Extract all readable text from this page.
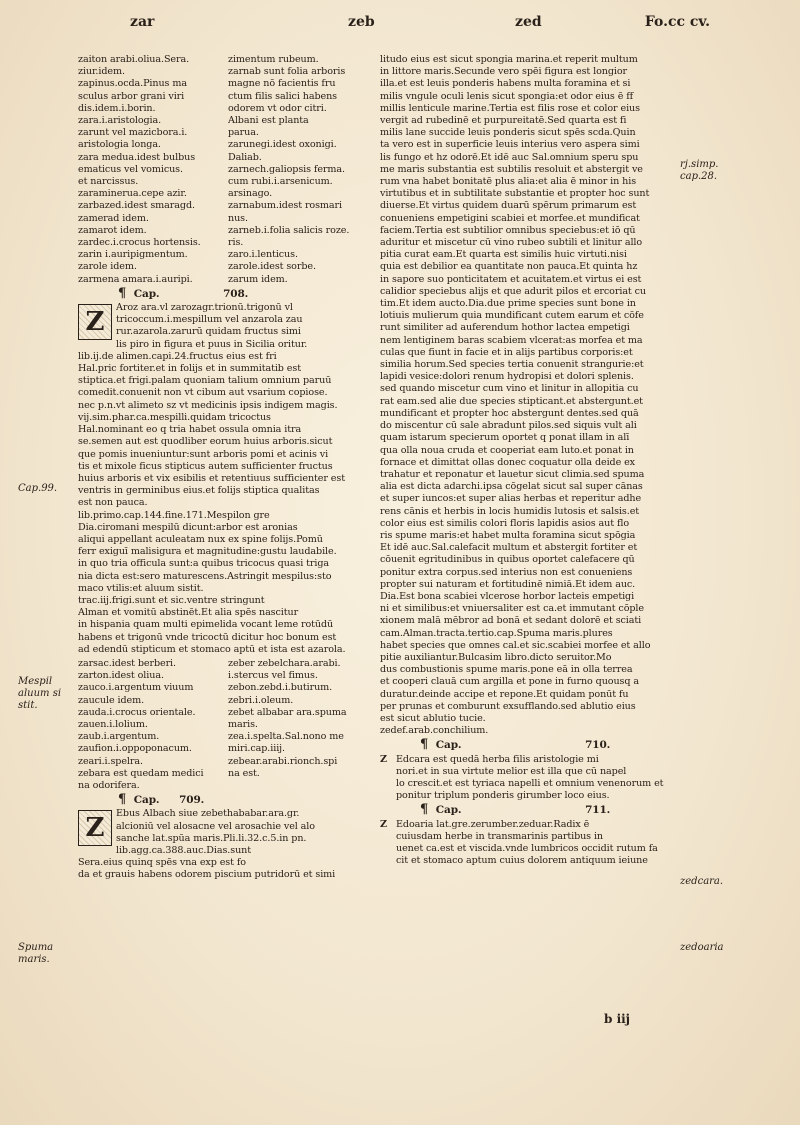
zar	zeb	zed	Fo.cc cv.
zaiton arabi.oliua.Sera.
ziur.idem.
zapinus.ocda.Pinus ma
sculus arbor grani viri
dis.idem.i.borin.
zara.i.aristologia.
zarunt vel mazicbora.i.
aristologia longa.
zara medua.idest bulbus
ematicus vel vomicus.
et narcissus.
zaraminerua.cepe azir.
zarbazed.idest smaragd.
zamerad idem.
zamarot idem.
zardec.i.crocus hortensis.
zarin i.auripigmentum.
zarole idem.
zarmena amara.i.auripi.
zimentum rubeum.
zarnab sunt folia arboris
magne nō facientis fru
ctum filis salici habens
odorem vt odor citri.
Albani est planta
parua.
zarunegi.idest oxonigi.
Daliab.
zarnech.galiopsis ferma.
cum rubi.i.arsenicum.
arsinago.
zarnabum.idest rosmari
nus.
zarneb.i.folia salicis roze.
ris.
zaro.i.lenticus.
zarole.idest sorbe.
zarum idem.
¶ Cap.	708.
Z	Aroz ara.vl zarozagr.trionū.trigonū vl
tricoccum.i.mespillum vel anzarola zau
rur.azarola.zarurū quidam fructus simi
lis piro in figura et puus in Sicilia oritur.
lib.ij.de alimen.capi.24.fructus eius est fri
Hal.pric fortiter.et in folijs et in summitatib est
stiptica.et frigi.palam quoniam talium omnium paruū
comedit.conuenit non vt cibum aut vsarium copiose.
nec p.n.vt alimeto sz vt medicinis ipsis indigem magis.
vij.sim.phar.ca.mespilli.quidam tricoctus
Hal.nominant eo q tria habet ossula omnia itra
se.semen aut est quodliber eorum huius arboris.sicut
que pomis inueniuntur:sunt arboris pomi et acinis vi
tis et mixole ficus stipticus autem sufficienter fructus
huius arboris et vix esibilis et retentiuus sufficienter est
ventris in germinibus eius.et folijs stiptica qualitas
est non pauca.
lib.primo.cap.144.fine.171.Mespilon gre
Dia.ciromani mespilū dicunt:arbor est aronias
aliqui appellant aculeatam nux ex spine folijs.Pomū
ferr exiguī malisigura et magnitudine:gustu laudabile.
in quo tria officula sunt:a quibus tricocus quasi triga
nia dicta est:sero maturescens.Astringit mespilus:sto
maco vtilis:et aluum sistit.
trac.iij.frigi.sunt et sic.ventre stringunt
Alman et vomitū abstinēt.Et alia spēs nascitur
in hispania quam multi epimelida vocant leme rotūdū
habens et trigonū vnde tricoctū dicitur hoc bonum est
ad edendū stipticum et stomaco aptū et ista est azarola.
zarsac.idest berberi.
zarton.idest oliua.
zauco.i.argentum viuum
zaucule idem.
zauda.i.crocus orientale.
zauen.i.lolium.
zaub.i.argentum.
zaufion.i.oppoponacum.
zeari.i.spelra.
zebara est quedam medici
na odorifera.
zeber zebelchara.arabi.
i.stercus vel fimus.
zebon.zebd.i.butirum.
zebri.i.oleum.
zebet albabar ara.spuma
maris.
zea.i.spelta.Sal.nono me
miri.cap.iiij.
zebear.arabi.rionch.spi
na est.
¶ Cap. 709.
Z	Ebus Albach siue zebethababar.ara.gr.
alcioniū vel alosacne vel arosachie vel alo
sanche lat.spūa maris.Pli.li.32.c.5.in pn.
lib.agg.ca.388.auc.Dias.sunt
Sera.eius quinq spēs vna exp est fo
da et grauis habens odorem piscium putridorū et simi
litudo eius est sicut spongia marina.et reperit multum
in littore maris.Secunde vero spēi figura est longior
illa.et est leuis ponderis habens multa foramina et si
milis vngule oculi lenis sicut spongia:et odor eius ē ff
millis lenticule marine.Tertia est filis rose et color eius
vergit ad rubedinē et purpureitatē.Sed quarta est fi
milis lane succide leuis ponderis sicut spēs scda.Quin
ta vero est in superficie leuis interius vero aspera simi
lis fungo et hz odorē.Et idē auc Sal.omnium speru spu
me maris substantia est subtilis resoluit et abstergit ve
rum vna habet bonitatē plus alia:et alia ē minor in his
virtutibus et in subtilitate substantie et propter hoc sunt
diuerse.Et virtus quidem duarū spērum primarum est
conueniens empetigini scabiei et morfee.et mundificat
faciem.Tertia est subtilior omnibus speciebus:et iō qū
aduritur et miscetur cū vino rubeo subtili et linitur allo
pitia curat eam.Et quarta est similis huic virtuti.nisi
quia est debilior ea quantitate non pauca.Et quinta hz
in sapore suo ponticitatem et acuitatem.et virtus ei est
calidior speciebus alijs et que adurit pilos et ercoriat cu
tim.Et idem aucto.Dia.due prime species sunt bone in
lotiuis mulierum quia mundificant cutem earum et cōfe
runt similiter ad auferendum hothor lactea empetigi
nem lentiginem baras scabiem vlcerat:as morfea et ma
culas que fiunt in facie et in alijs partibus corporis:et
similia horum.Sed species tertia conuenit strangurie:et
lapidi vesice:dolori renum hydropisi et dolori splenis.
sed quando miscetur cum vino et linitur in allopitia cu
rat eam.sed alie due species stipticant.et abstergunt.et
mundificant et propter hoc abstergunt dentes.sed quā
do miscentur cū sale abradunt pilos.sed siquis vult ali
quam istarum specierum oportet q ponat illam in alī
qua olla noua cruda et cooperiat eam luto.et ponat in
fornace et dimittat ollas donec coquatur olla deide ex
trahatur et reponatur et lauetur sicut climia.sed spuma
alia est dicta adarchi.ipsa cōgelat sicut sal super cānas
et super iuncos:et super alias herbas et reperitur adhe
rens cānis et herbis in locis humidis lutosis et salsis.et
color eius est similis colori floris lapidis asios aut flo
ris spume maris:et habet multa foramina sicut spōgia
Et idē auc.Sal.calefacit multum et abstergit fortiter et
cōuenit egritudinibus in quibus oportet calefacere qū
ponitur extra corpus.sed interius non est conueniens
propter sui naturam et fortitudinē nimiā.Et idem auc.
Dia.Est bona scabiei vlcerose horbor lacteis empetigi
ni et similibus:et vniuersaliter est ca.et immutant cōple
xionem malā mēbror ad bonā et sedant dolorē et sciati
cam.Alman.tracta.tertio.cap.Spuma maris.plures
habet species que omnes cal.et sic.scabiei morfee et allo
pitie auxiliantur.Bulcasim libro.dicto seruitor.Mo
dus combustionis spume maris.pone eā in olla terrea
et cooperi clauā cum argilla et pone in furno quousq a
duratur.deinde accipe et repone.Et quidam ponūt fu
per prunas et comburunt exsufflando.sed ablutio eius
est sicut ablutio tucie.
zedef.arab.conchilium.
¶ Cap.	710.
Z Edcara est quedā herba filis aristologie mi
nori.et in sua virtute melior est illa que cū napel
lo crescit.et est tyriaca napelli et omnium venenorum et
ponitur triplum ponderis girumber loco eius.
¶ Cap.	711.
Z Edoaria lat.gre.zerumber.zeduar.Radix ē
cuiusdam herbe in transmarinis partibus in
uenet ca.est et viscida.vnde lumbricos occidit rutum fa
cit et stomaco aptum cuius dolorem antiquum ieiune
Cap.99.
Mespil
aluum si
stit.
Spuma
maris.
rj.simp.
cap.28.
zedcara.
zedoaria
b iij
